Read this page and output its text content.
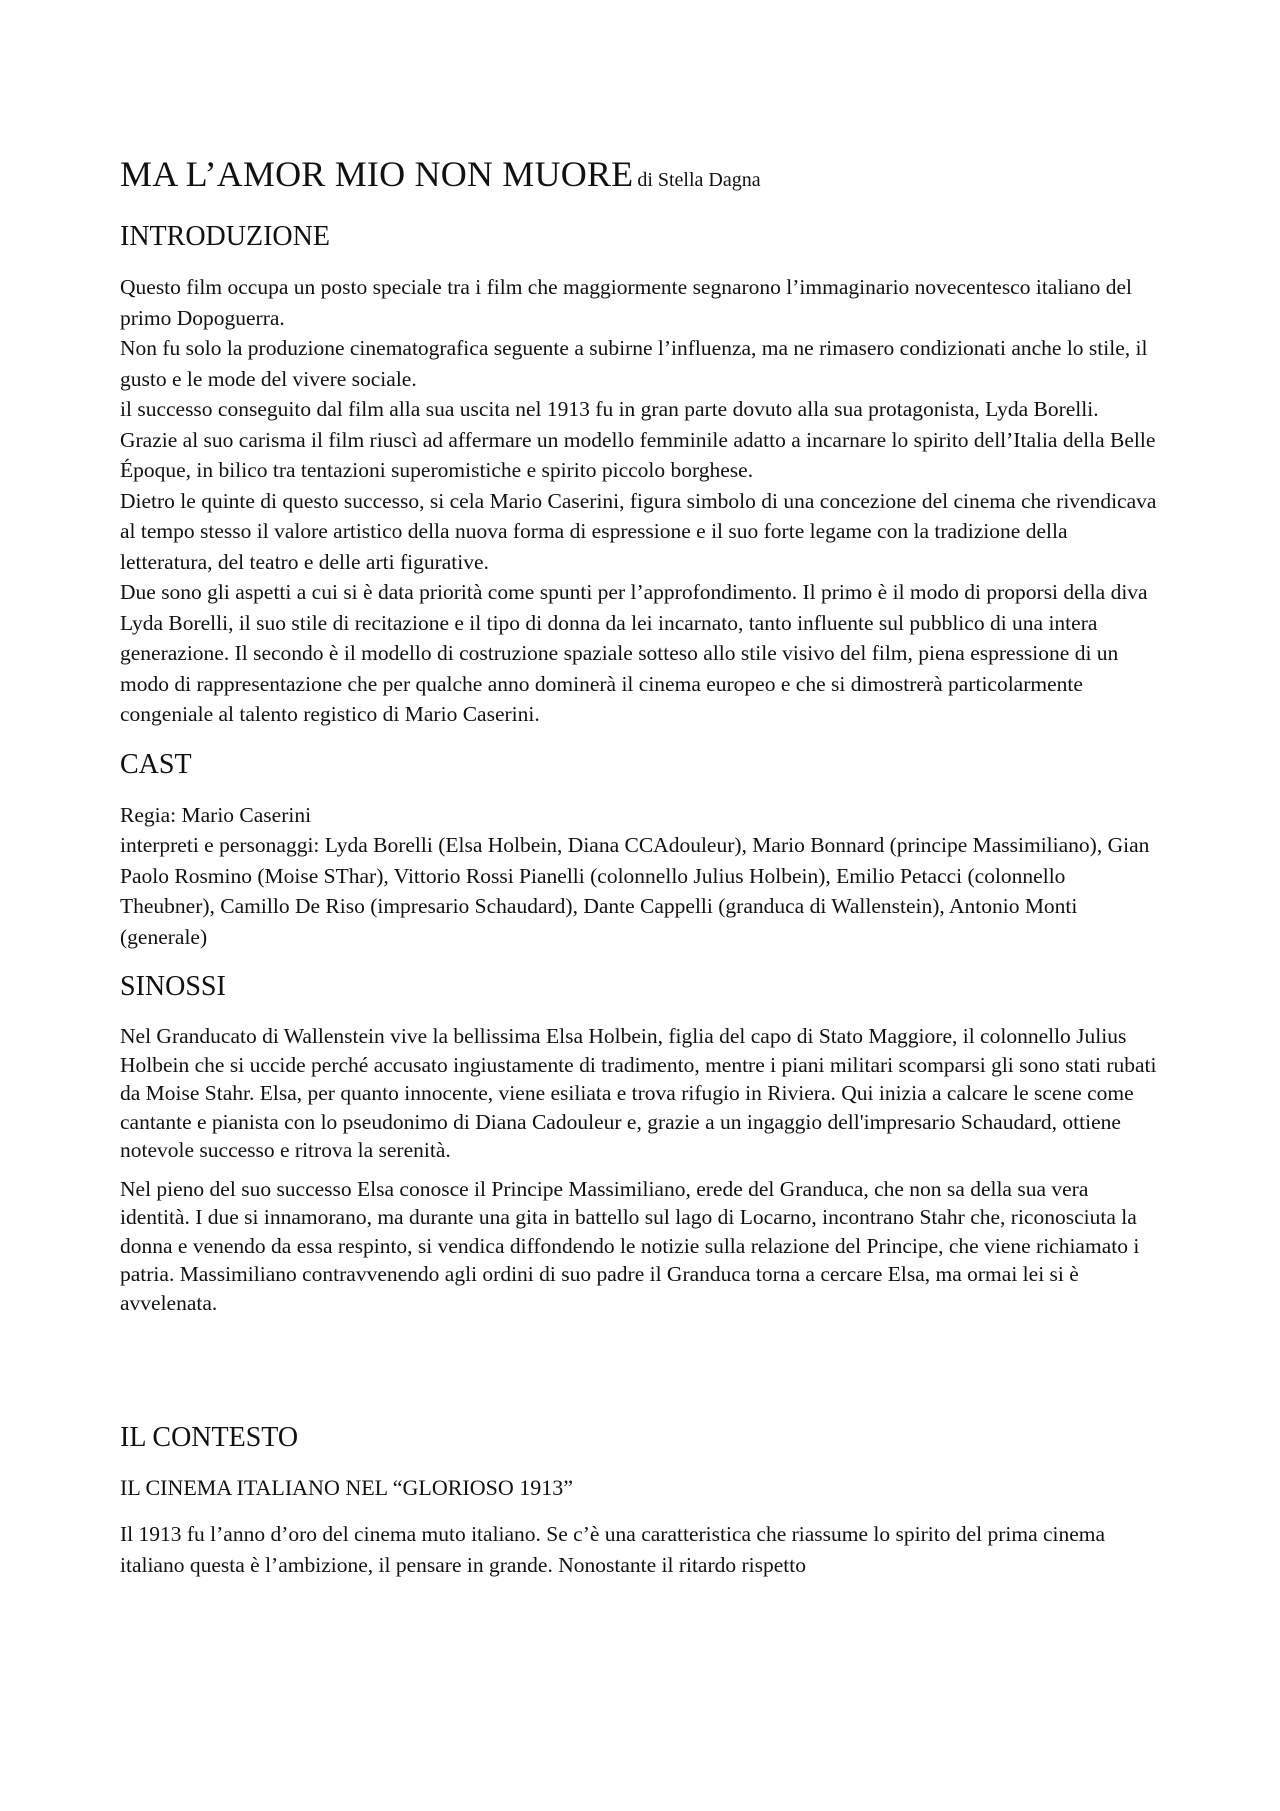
MA L’AMOR MIO NON MUORE di Stella Dagna
INTRODUZIONE

Questo film occupa un posto speciale tra i film che maggiormente segnarono l’immaginario novecentesco italiano del primo Dopoguerra.

Non fu solo la produzione cinematografica seguente a subirne l’influenza, ma ne rimasero condizionati anche lo stile, il gusto e le mode del vivere sociale.

il successo conseguito dal film alla sua uscita nel 1913 fu in gran parte dovuto alla sua protagonista, Lyda Borelli. Grazie al suo carisma il film riuscì ad affermare un modello femminile adatto a incarnare lo spirito dell’Italia della Belle Époque, in bilico tra tentazioni superomistiche e spirito piccolo borghese.

Dietro le quinte di questo successo, si cela Mario Caserini, figura simbolo di una concezione del cinema che rivendicava al tempo stesso il valore artistico della nuova forma di espressione e il suo forte legame con la tradizione della letteratura, del teatro e delle arti figurative.

Due sono gli aspetti a cui si è data priorità come spunti per l’approfondimento. Il primo è il modo di proporsi della diva Lyda Borelli, il suo stile di recitazione e il tipo di donna da lei incarnato, tanto influente sul pubblico di una intera generazione. Il secondo è il modello di costruzione spaziale sotteso allo stile visivo del film, piena espressione di un modo di rappresentazione che per qualche anno dominerà il cinema europeo e che si dimostrerà particolarmente congeniale al talento registico di Mario Caserini.

CAST

Regia: Mario Caserini

interpreti e personaggi: Lyda Borelli (Elsa Holbein, Diana CCAdouleur), Mario Bonnard (principe Massimiliano), Gian Paolo Rosmino (Moise SThar), Vittorio Rossi Pianelli (colonnello Julius Holbein), Emilio Petacci (colonnello Theubner), Camillo De Riso (impresario Schaudard), Dante Cappelli (granduca di Wallenstein), Antonio Monti (generale)

SINOSSI

Nel Granducato di Wallenstein vive la bellissima Elsa Holbein, figlia del capo di Stato Maggiore, il colonnello Julius Holbein che si uccide perché accusato ingiustamente di tradimento, mentre i piani militari scomparsi gli sono stati rubati da Moise Stahr. Elsa, per quanto innocente, viene esiliata e trova rifugio in Riviera. Qui inizia a calcare le scene come cantante e pianista con lo pseudonimo di Diana Cadouleur e, grazie a un ingaggio dell'impresario Schaudard, ottiene notevole successo e ritrova la serenità.

Nel pieno del suo successo Elsa conosce il Principe Massimiliano, erede del Granduca, che non sa della sua vera identità. I due si innamorano, ma durante una gita in battello sul lago di Locarno, incontrano Stahr che, riconosciuta la donna e venendo da essa respinto, si vendica diffondendo le notizie sulla relazione del Principe, che viene richiamato i patria. Massimiliano contravvenendo agli ordini di suo padre il Granduca torna a cercare Elsa, ma ormai lei si è avvelenata.

IL CONTESTO
IL CINEMA ITALIANO NEL “GLORIOSO 1913”

Il 1913 fu l’anno d’oro del cinema muto italiano. Se c’è una caratteristica che riassume lo spirito del prima cinema italiano questa è l’ambizione, il pensare in grande. Nonostante il ritardo rispetto
